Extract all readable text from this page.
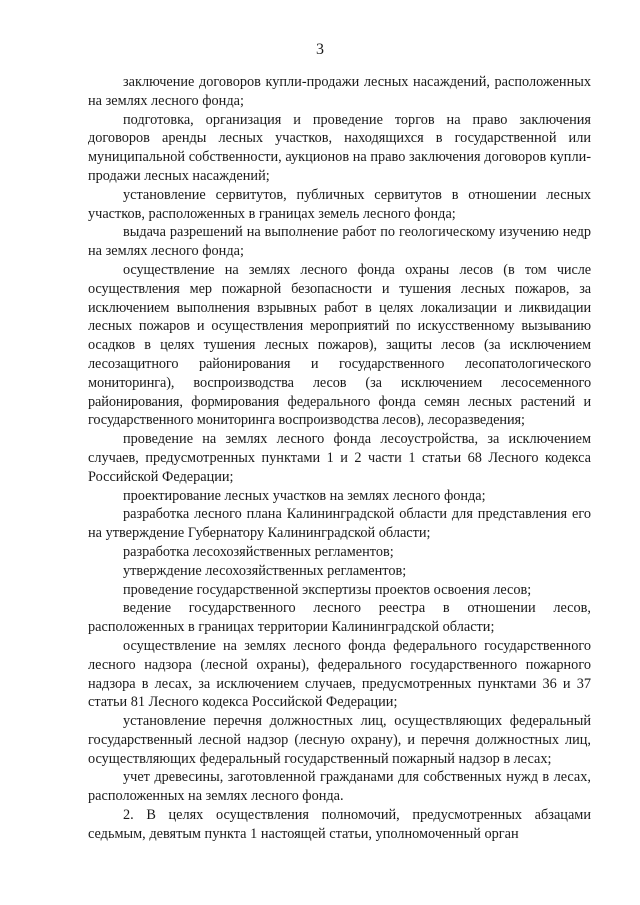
3

заключение договоров купли-продажи лесных насаждений, расположенных на землях лесного фонда;

подготовка, организация и проведение торгов на право заключения договоров аренды лесных участков, находящихся в государственной или муниципальной собственности, аукционов на право заключения договоров купли-продажи лесных насаждений;

установление сервитутов, публичных сервитутов в отношении лесных участков, расположенных в границах земель лесного фонда;

выдача разрешений на выполнение работ по геологическому изучению недр на землях лесного фонда;

осуществление на землях лесного фонда охраны лесов (в том числе осуществления мер пожарной безопасности и тушения лесных пожаров, за исключением выполнения взрывных работ в целях локализации и ликвидации лесных пожаров и осуществления мероприятий по искусственному вызыванию осадков в целях тушения лесных пожаров), защиты лесов (за исключением лесозащитного районирования и государственного лесопатологического мониторинга), воспроизводства лесов (за исключением лесосеменного районирования, формирования федерального фонда семян лесных растений и государственного мониторинга воспроизводства лесов), лесоразведения;

проведение на землях лесного фонда лесоустройства, за исключением случаев, предусмотренных пунктами 1 и 2 части 1 статьи 68 Лесного кодекса Российской Федерации;

проектирование лесных участков на землях лесного фонда;

разработка лесного плана Калининградской области для представления его на утверждение Губернатору Калининградской области;

разработка лесохозяйственных регламентов;

утверждение лесохозяйственных регламентов;

проведение государственной экспертизы проектов освоения лесов;

ведение государственного лесного реестра в отношении лесов, расположенных в границах территории Калининградской области;

осуществление на землях лесного фонда федерального государственного лесного надзора (лесной охраны), федерального государственного пожарного надзора в лесах, за исключением случаев, предусмотренных пунктами 36 и 37 статьи 81 Лесного кодекса Российской Федерации;

установление перечня должностных лиц, осуществляющих федеральный государственный лесной надзор (лесную охрану), и перечня должностных лиц, осуществляющих федеральный государственный пожарный надзор в лесах;

учет древесины, заготовленной гражданами для собственных нужд в лесах, расположенных на землях лесного фонда.

2. В целях осуществления полномочий, предусмотренных абзацами седьмым, девятым пункта 1 настоящей статьи, уполномоченный орган
